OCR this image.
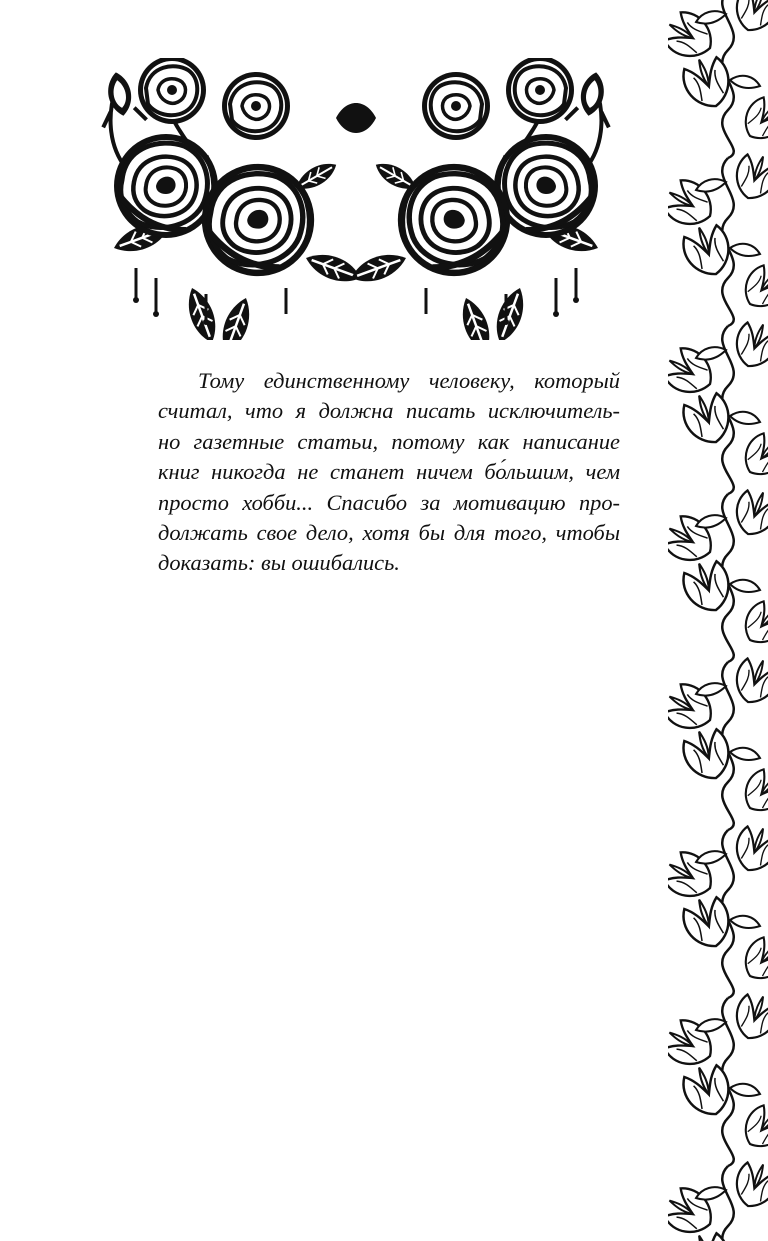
Тому единственному человеку, который
считал, что я должна писать исключитель-
но газетные статьи, потому как написание
книг никогда не станет ничем бо́льшим, чем
просто хобби... Спасибо за мотивацию про-
должать свое дело, хотя бы для того, чтобы
доказать: вы ошибались.
